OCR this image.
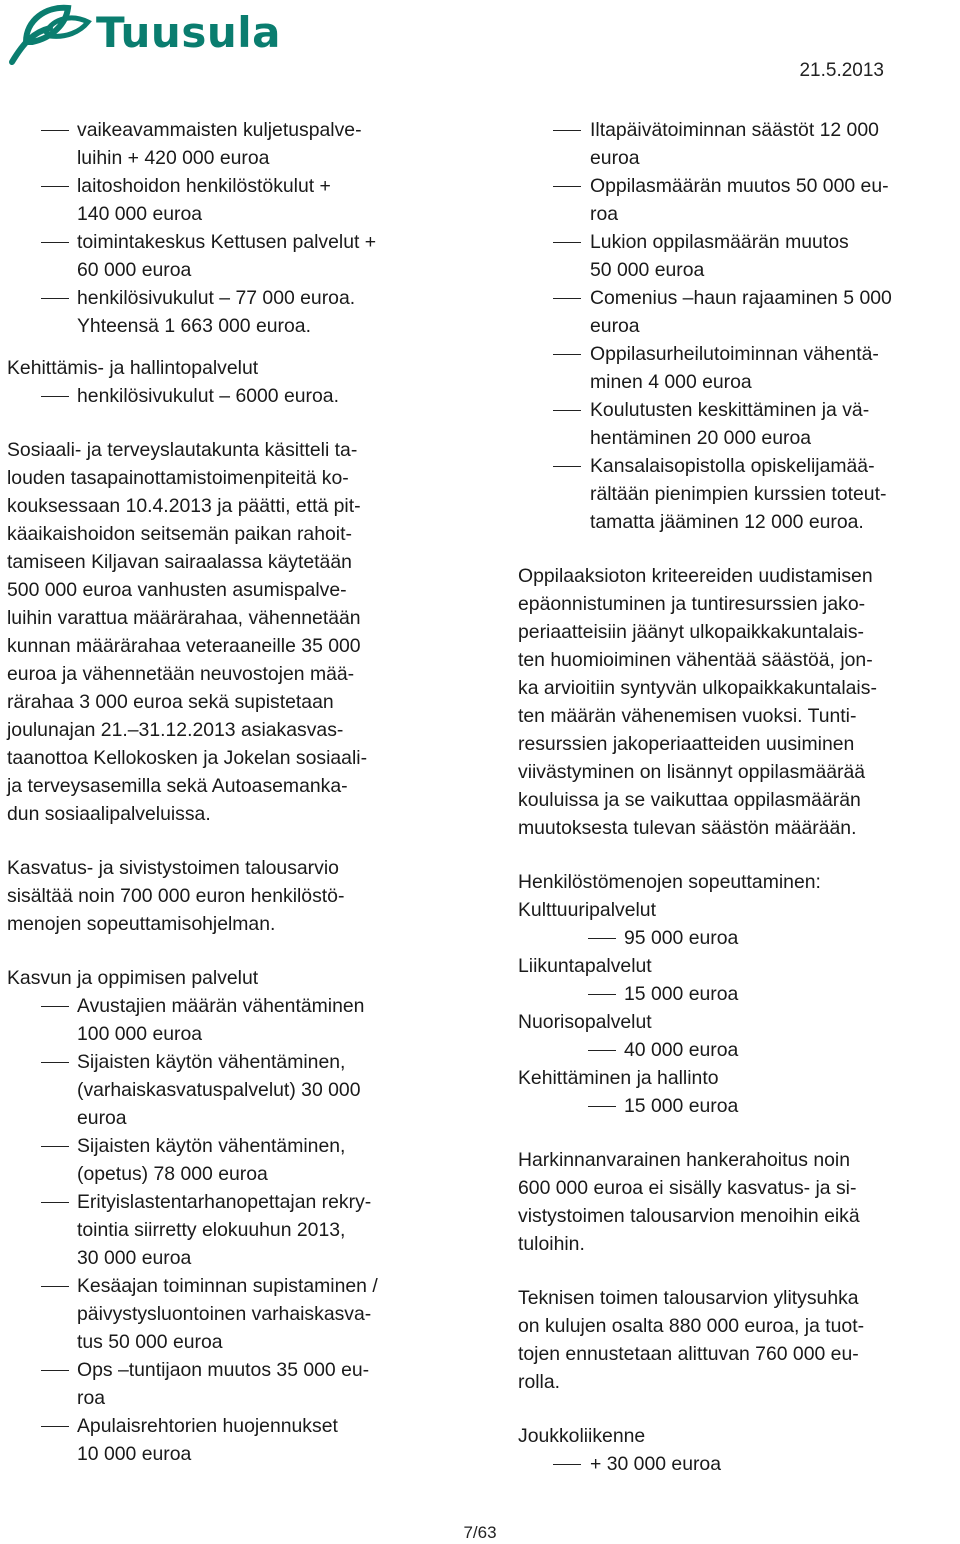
Tuusula
21.5.2013
vaikeavammaisten kuljetuspalve-
luihin + 420 000 euroa
laitoshoidon henkilöstökulut +
140 000 euroa
toimintakeskus Kettusen palvelut +
60 000 euroa
henkilösivukulut – 77 000 euroa.
Yhteensä 1 663 000 euroa.

Kehittämis- ja hallintopalvelut

henkilösivukulut – 6000 euroa.
Sosiaali- ja terveyslautakunta käsitteli ta-
louden tasapainottamistoimenpiteitä ko-
kouksessaan 10.4.2013 ja päätti, että pit-
käaikaishoidon seitsemän paikan rahoit-
tamiseen Kiljavan sairaalassa käytetään
500 000 euroa vanhusten asumispalve-
luihin varattua määrärahaa, vähennetään
kunnan määrärahaa veteraaneille 35 000
euroa ja vähennetään neuvostojen mää-
rärahaa 3 000 euroa sekä supistetaan
joulunajan 21.–31.12.2013 asiakasvas-
taanottoa Kellokosken ja Jokelan sosiaali-
ja terveysasemilla sekä Autoasemanka-
dun sosiaalipalveluissa.
Kasvatus- ja sivistystoimen talousarvio
sisältää noin 700 000 euron henkilöstö-
menojen sopeuttamisohjelman.

Kasvun ja oppimisen palvelut

Avustajien määrän vähentäminen
100 000 euroa
Sijaisten käytön vähentäminen,
(varhaiskasvatuspalvelut) 30 000
euroa
Sijaisten käytön vähentäminen,
(opetus) 78 000 euroa
Erityislastentarhanopettajan rekry-
tointia siirretty elokuuhun 2013,
30 000 euroa
Kesäajan toiminnan supistaminen /
päivystysluontoinen varhaiskasva-
tus 50 000 euroa
Ops –tuntijaon muutos 35 000 eu-
roa
Apulaisrehtorien huojennukset
10 000 euroa
Iltapäivätoiminnan säästöt 12 000
euroa
Oppilasmäärän muutos 50 000 eu-
roa
Lukion oppilasmäärän muutos
50 000 euroa
Comenius –haun rajaaminen 5 000
euroa
Oppilasurheilutoiminnan vähentä-
minen 4 000 euroa
Koulutusten keskittäminen ja vä-
hentäminen 20 000 euroa
Kansalaisopistolla opiskelijamää-
rältään pienimpien kurssien toteut-
tamatta jääminen 12 000 euroa.
Oppilaaksioton kriteereiden uudistamisen
epäonnistuminen ja tuntiresurssien jako-
periaatteisiin jäänyt ulkopaikkakuntalais-
ten huomioiminen vähentää säästöä, jon-
ka arvioitiin syntyvän ulkopaikkakuntalais-
ten määrän vähenemisen vuoksi. Tunti-
resurssien jakoperiaatteiden uusiminen
viivästyminen on lisännyt oppilasmäärää
kouluissa ja se vaikuttaa oppilasmäärän
muutoksesta tulevan säästön määrään.

Henkilöstömenojen sopeuttaminen:

Kulttuuripalvelut
95 000 euroa
Liikuntapalvelut
15 000 euroa
Nuorisopalvelut
40 000 euroa
Kehittäminen ja hallinto
15 000 euroa
Harkinnanvarainen hankerahoitus noin
600 000 euroa ei sisälly kasvatus- ja si-
vistystoimen talousarvion menoihin eikä
tuloihin.
Teknisen toimen talousarvion ylitysuhka
on kulujen osalta 880 000 euroa, ja tuot-
tojen ennustetaan alittuvan 760 000 eu-
rolla.

Joukkoliikenne

+ 30 000 euroa
7/63
